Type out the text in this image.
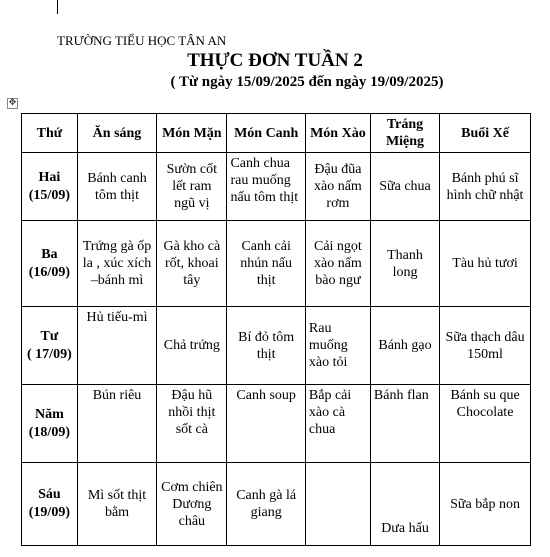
TRƯỜNG TIỂU HỌC TÂN AN
THỰC ĐƠN TUẦN 2
( Từ ngày 15/09/2025 đến ngày 19/09/2025)
✥
Thứ	Ăn sáng	Món Mặn	Món Canh	Món Xào	Tráng Miệng	Buổi Xế

Hai
(15/09)	Bánh canh tôm thịt	Sườn cốt lết ram ngũ vị	Canh chua rau muống nấu tôm thịt	Đậu đũa xào nấm rơm	Sữa chua	Bánh phú sĩ hình chữ nhật

Ba
(16/09)	Trứng gà ốp la , xúc xích –bánh mì	Gà kho cà rốt, khoai tây	Canh cải nhún nấu thịt	Cải ngọt xào nấm bào ngư	Thanh long	Tàu hủ tươi

Tư
( 17/09)	Hủ tiếu-mì	Chả trứng	Bí đỏ tôm thịt	Rau muống xào tỏi	Bánh gạo	Sữa thạch dâu 150ml

Năm
(18/09)	Bún riêu	Đậu hũ nhồi thịt sốt cà	Canh soup	Bắp cải xào cà chua	Bánh flan	Bánh su que Chocolate

Sáu
(19/09)	Mì sốt thịt bằm	Cơm chiên Dương châu	Canh gà lá giang		Dưa hấu	Sữa bắp non
